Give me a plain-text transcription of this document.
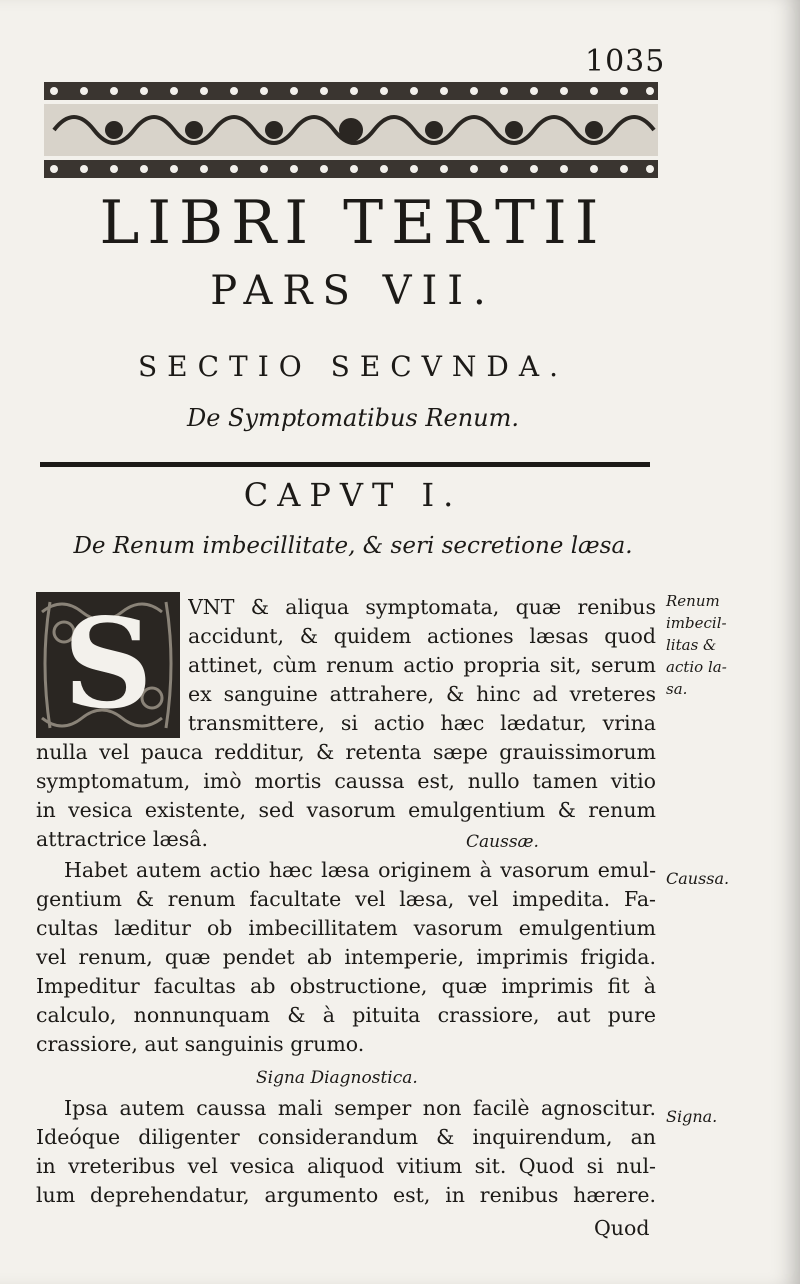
1035
LIBRI TERTII
PARS VII.
SECTIO SECVNDA.
De Symptomatibus Renum.
CAPVT I.
De Renum imbecillitate, & seri secretione læsa.
S	VNT & aliqua symptomata, quæ renibus
accidunt, & quidem actiones læsas quod
attinet, cùm renum actio propria sit, serum
ex sanguine attrahere, & hinc ad vreteres
transmittere, si actio hæc lædatur, vrina
nulla vel pauca redditur, & retenta sæpe grauissimorum
symptomatum, imò mortis caussa est, nullo tamen vitio
in vesica existente, sed vasorum emulgentium & renum
attractrice læsâ.	Caussæ.
Habet autem actio hæc læsa originem à vasorum emul-
gentium & renum facultate vel læsa, vel impedita. Fa-
cultas læditur ob imbecillitatem vasorum emulgentium
vel renum, quæ pendet ab intemperie, imprimis frigida.
Impeditur facultas ab obstructione, quæ imprimis fit à
calculo, nonnunquam & à pituita crassiore, aut pure
crassiore, aut sanguinis grumo.
Signa Diagnostica.
Ipsa autem caussa mali semper non facilè agnoscitur.
Ideóque diligenter considerandum & inquirendum, an
in vreteribus vel vesica aliquod vitium sit. Quod si nul-
lum deprehendatur, argumento est, in renibus hærere.
Quod
Renum
imbecil-
litas &
actio la-
sa.
Caussa.
Signa.
